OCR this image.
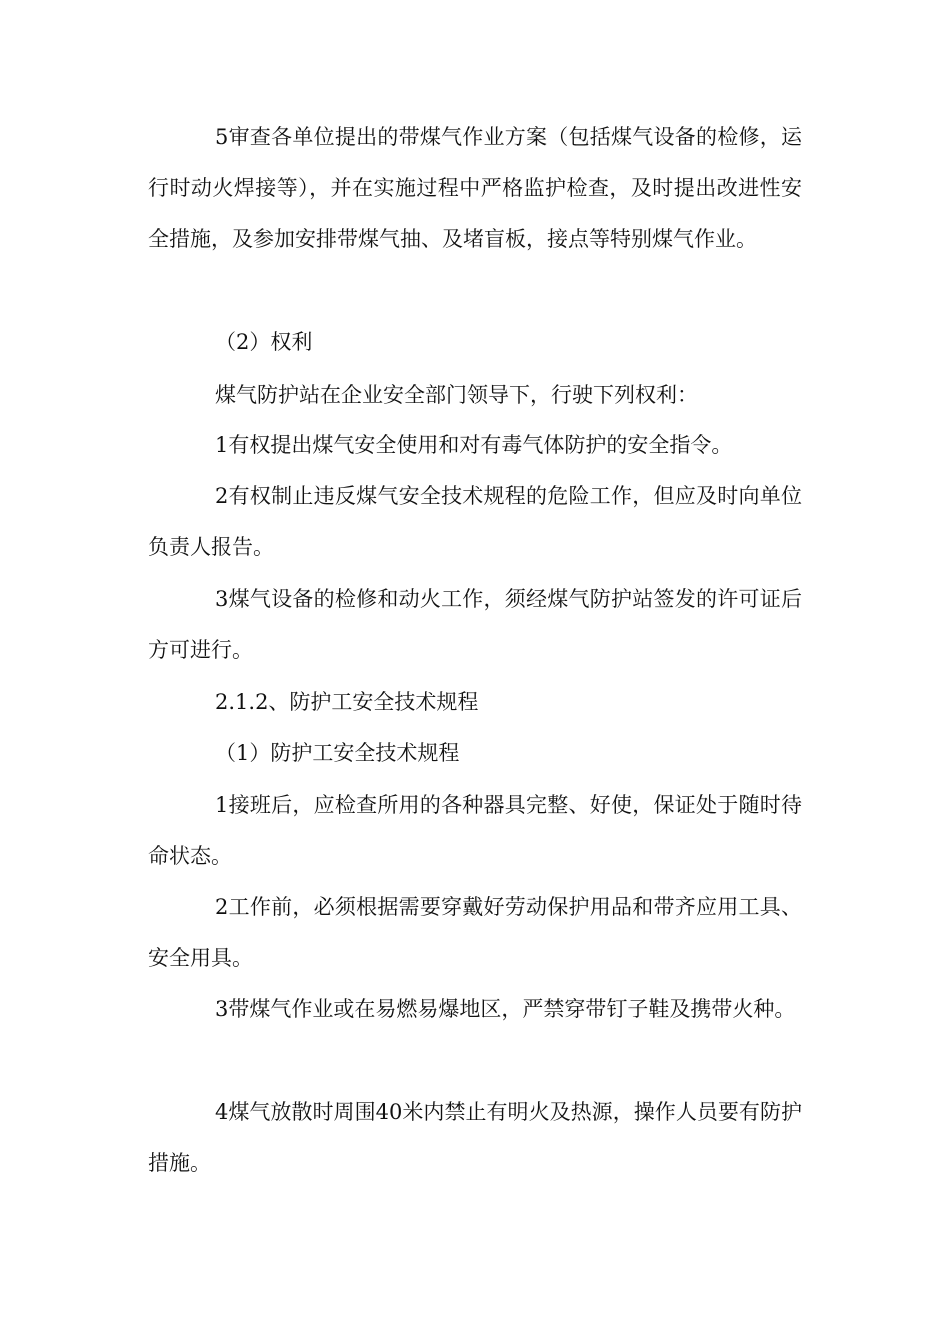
5审查各单位提出的带煤气作业方案（包括煤气设备的检修，运行时动火焊接等），并在实施过程中严格监护检查，及时提出改进性安全措施，及参加安排带煤气抽、及堵盲板，接点等特别煤气作业。

（2）权利

煤气防护站在企业安全部门领导下，行驶下列权利：

1有权提出煤气安全使用和对有毒气体防护的安全指令。

2有权制止违反煤气安全技术规程的危险工作，但应及时向单位负责人报告。

3煤气设备的检修和动火工作，须经煤气防护站签发的许可证后方可进行。

2.1.2、防护工安全技术规程

（1）防护工安全技术规程

1接班后，应检查所用的各种器具完整、好使，保证处于随时待命状态。

2工作前，必须根据需要穿戴好劳动保护用品和带齐应用工具、安全用具。

3带煤气作业或在易燃易爆地区，严禁穿带钉子鞋及携带火种。

4煤气放散时周围40米内禁止有明火及热源，操作人员要有防护措施。
